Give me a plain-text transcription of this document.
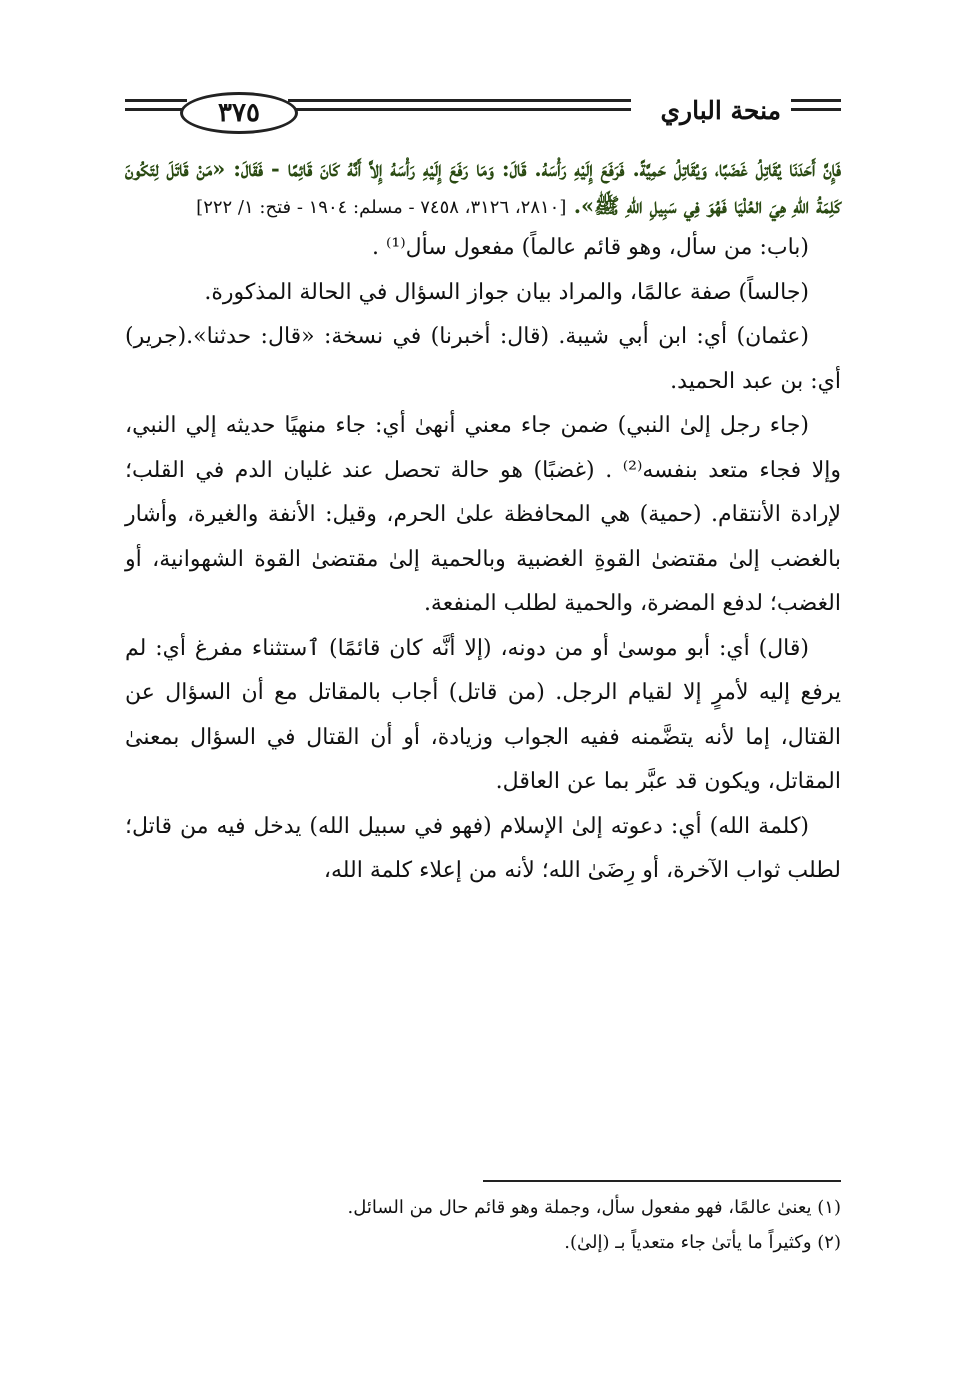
٣٧٥	منحة الباري

فَإِنَّ أَحَدَنَا يُقَاتِلُ غَضَبًا، وَيُقَاتِلُ حَمِيَّةً. فَرَفَعَ إِلَيْهِ رَأْسَهُ. قَالَ: وَمَا رَفَعَ إِلَيْهِ رَأْسَهُ إِلاَّ أَنَّهُ كَانَ قَائِمًا - فَقَالَ: «مَنْ قَاتَلَ لِتَكُونَ كَلِمَةُ اللهِ هِيَ العُلْيَا فَهُوَ فِي سَبِيلِ اللهِ ﷺ». [٢٨١٠، ٣١٢٦، ٧٤٥٨ - مسلم: ١٩٠٤ - فتح: ١/ ٢٢٢]

(باب: من سأل، وهو قائم عالماً) مفعول سأل⁽¹⁾ .

(جالساً) صفة عالمًا، والمراد بيان جواز السؤال في الحالة المذكورة.

(عثمان) أي: ابن أبي شيبة. (قال: أخبرنا) في نسخة: «قال: حدثنا».(جرير) أي: بن عبد الحميد.

(جاء رجل إلىٰ النبي) ضمن جاء معني أنهىٰ أي: جاء منهيًا حديثه إلي النبي، وإلا فجاء متعد بنفسه⁽²⁾ . (غضبًا) هو حالة تحصل عند غليان الدم في القلب؛ لإرادة الأنتقام. (حمية) هي المحافظة علىٰ الحرم، وقيل: الأنفة والغيرة، وأشار بالغضب إلىٰ مقتضىٰ القوةِ الغضبية وبالحمية إلىٰ مقتضىٰ القوة الشهوانية، أو الغضب؛ لدفع المضرة، والحمية لطلب المنفعة.

(قال) أي: أبو موسىٰ أو من دونه، (إلا أنَّه كان قائمًا) ٱستثناء مفرغ أي: لم يرفع إليه لأمرٍ إلا لقيام الرجل. (من قاتل) أجاب بالمقاتل مع أن السؤال عن القتال، إما لأنه يتضَّمنه ففيه الجواب وزيادة، أو أن القتال في السؤال بمعنىٰ المقاتل، ويكون قد عبَّر بما عن العاقل.

(كلمة الله) أي: دعوته إلىٰ الإسلام (فهو في سبيل الله) يدخل فيه من قاتل؛ لطلب ثواب الآخرة، أو رِضَىٰ الله؛ لأنه من إعلاء كلمة الله،

(١) يعنىٰ عالمًا، فهو مفعول سأل، وجملة وهو قائم حال من السائل.

(٢) وكثيراً ما يأتىٰ جاء متعدياً بـ (إلىٰ).
